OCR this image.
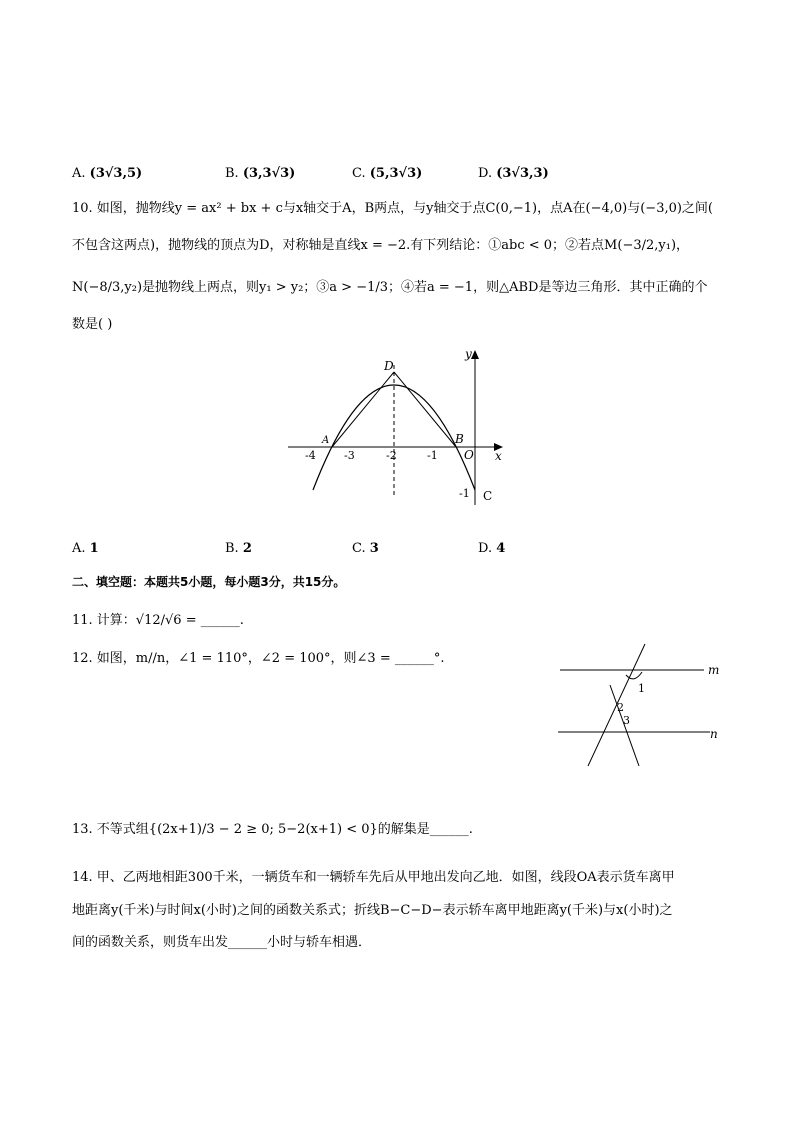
A. (3√3,5)	B. (3,3√3)	C. (5,3√3)	D. (3√3,3)
10. 如图，抛物线y = ax² + bx + c与x轴交于A，B两点，与y轴交于点C(0,−1)，点A在(−4,0)与(−3,0)之间(
不包含这两点)，抛物线的顶点为D，对称轴是直线x = −2.有下列结论：①abc < 0；②若点M(−3/2,y₁)，
N(−8/3,y₂)是抛物线上两点，则y₁ > y₂；③a > −1/3；④若a = −1，则△ABD是等边三角形．其中正确的个
数是( )
D
A	B
O
C
y
x
-4	-3	-2	-1
-1
A. 1	B. 2	C. 3	D. 4
二、填空题：本题共5小题，每小题3分，共15分。
11. 计算：√12/√6 = ______.
12. 如图，m//n，∠1 = 110°，∠2 = 100°，则∠3 = ______°.
m
n
1
2
3
13. 不等式组{(2x+1)/3 − 2 ≥ 0; 5−2(x+1) < 0}的解集是______.
14. 甲、乙两地相距300千米，一辆货车和一辆轿车先后从甲地出发向乙地．如图，线段OA表示货车离甲
地距离y(千米)与时间x(小时)之间的函数关系式；折线B−C−D−表示轿车离甲地距离y(千米)与x(小时)之
间的函数关系，则货车出发______小时与轿车相遇．
